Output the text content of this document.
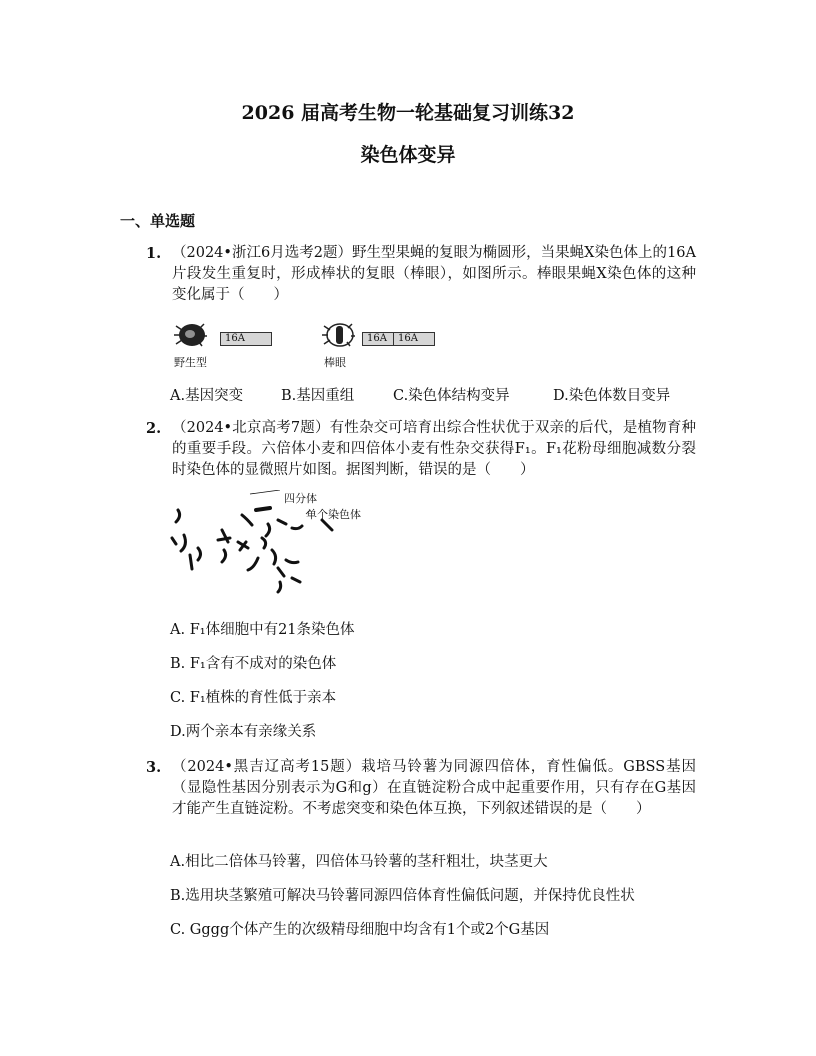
2026 届高考生物一轮基础复习训练32
染色体变异
一、单选题
1. （2024•浙江6月选考2题）野生型果蝇的复眼为椭圆形，当果蝇X染色体上的16A片段发生重复时，形成棒状的复眼（棒眼），如图所示。棒眼果蝇X染色体的这种变化属于（　　）
16A
野生型
16A	16A
棒眼
A.基因突变	B.基因重组	C.染色体结构变异	D.染色体数目变异
2. （2024•北京高考7题）有性杂交可培育出综合性状优于双亲的后代，是植物育种的重要手段。六倍体小麦和四倍体小麦有性杂交获得F₁。F₁花粉母细胞减数分裂时染色体的显微照片如图。据图判断，错误的是（　　）
四分体
单个染色体
A. F₁体细胞中有21条染色体
B. F₁含有不成对的染色体
C. F₁植株的育性低于亲本
D.两个亲本有亲缘关系
3. （2024•黑吉辽高考15题）栽培马铃薯为同源四倍体，育性偏低。GBSS基因（显隐性基因分别表示为G和g）在直链淀粉合成中起重要作用，只有存在G基因才能产生直链淀粉。不考虑突变和染色体互换，下列叙述错误的是（　　）
A.相比二倍体马铃薯，四倍体马铃薯的茎秆粗壮，块茎更大
B.选用块茎繁殖可解决马铃薯同源四倍体育性偏低问题，并保持优良性状
C. Gggg个体产生的次级精母细胞中均含有1个或2个G基因
